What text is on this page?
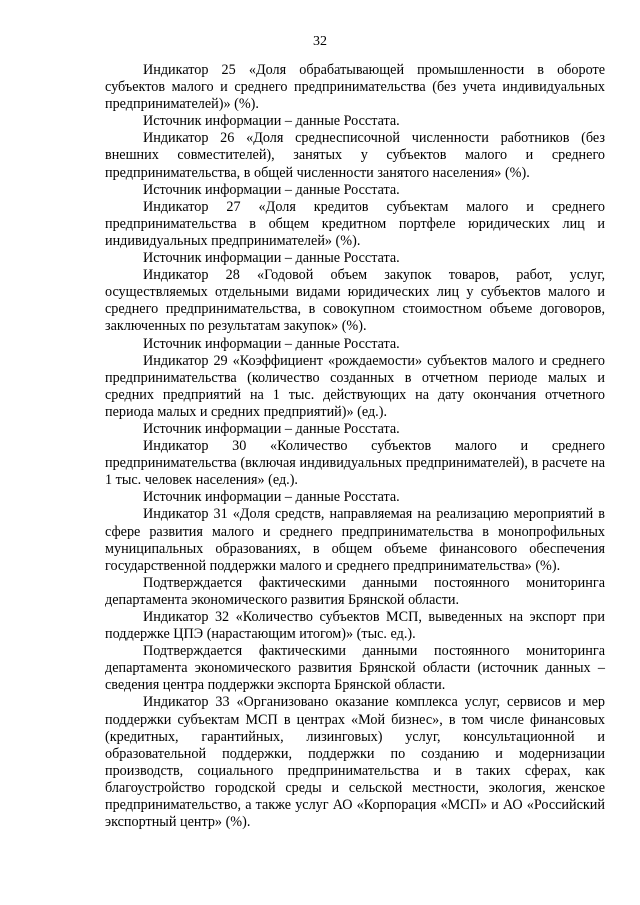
32

Индикатор 25 «Доля обрабатывающей промышленности в обороте субъектов малого и среднего предпринимательства (без учета индивидуальных предпринимателей)» (%).

Источник информации – данные Росстата.

Индикатор 26 «Доля среднесписочной численности работников (без внешних совместителей), занятых у субъектов малого и среднего предпринимательства, в общей численности занятого населения» (%).

Источник информации – данные Росстата.

Индикатор 27 «Доля кредитов субъектам малого и среднего предпринимательства в общем кредитном портфеле юридических лиц и индивидуальных предпринимателей» (%).

Источник информации – данные Росстата.

Индикатор 28 «Годовой объем закупок товаров, работ, услуг, осуществляемых отдельными видами юридических лиц у субъектов малого и среднего предпринимательства, в совокупном стоимостном объеме договоров, заключенных по результатам закупок» (%).

Источник информации – данные Росстата.

Индикатор 29 «Коэффициент «рождаемости» субъектов малого и среднего предпринимательства (количество созданных в отчетном периоде малых и средних предприятий на 1 тыс. действующих на дату окончания отчетного периода малых и средних предприятий)» (ед.).

Источник информации – данные Росстата.

Индикатор 30 «Количество субъектов малого и среднего предпринимательства (включая индивидуальных предпринимателей), в расчете на 1 тыс. человек населения» (ед.).

Источник информации – данные Росстата.

Индикатор 31 «Доля средств, направляемая на реализацию мероприятий в сфере развития малого и среднего предпринимательства в монопрофильных муниципальных образованиях, в общем объеме финансового обеспечения государственной поддержки малого и среднего предпринимательства» (%).

Подтверждается фактическими данными постоянного мониторинга департамента экономического развития Брянской области.

Индикатор 32 «Количество субъектов МСП, выведенных на экспорт при поддержке ЦПЭ (нарастающим итогом)» (тыс. ед.).

Подтверждается фактическими данными постоянного мониторинга департамента экономического развития Брянской области (источник данных – сведения центра поддержки экспорта Брянской области.

Индикатор 33 «Организовано оказание комплекса услуг, сервисов и мер поддержки субъектам МСП в центрах «Мой бизнес», в том числе финансовых (кредитных, гарантийных, лизинговых) услуг, консультационной и образовательной поддержки, поддержки по созданию и модернизации производств, социального предпринимательства и в таких сферах, как благоустройство городской среды и сельской местности, экология, женское предпринимательство, а также услуг АО «Корпорация «МСП» и АО «Российский экспортный центр» (%).
